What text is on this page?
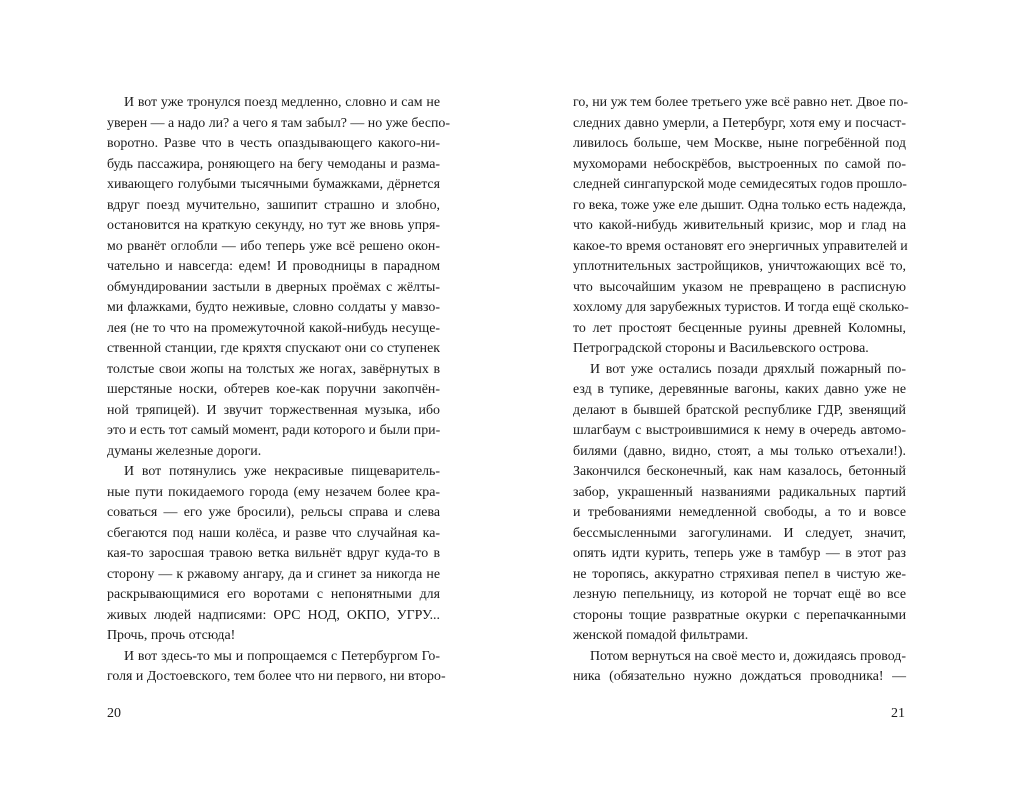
И вот уже тронулся поезд медленно, словно и сам не

уверен — а надо ли? а чего я там забыл? — но уже беспо-

воротно. Разве что в честь опаздывающего какого-ни-

будь пассажира, роняющего на бегу чемоданы и разма-

хивающего голубыми тысячными бумажками, дёрнется

вдруг поезд мучительно, зашипит страшно и злобно,

остановится на краткую секунду, но тут же вновь упря-

мо рванёт оглобли — ибо теперь уже всё решено окон-

чательно и навсегда: едем! И проводницы в парадном

обмундировании застыли в дверных проёмах с жёлты-

ми флажками, будто неживые, словно солдаты у мавзо-

лея (не то что на промежуточной какой-нибудь несуще-

ственной станции, где кряхтя спускают они со ступенек

толстые свои жопы на толстых же ногах, завёрнутых в

шерстяные носки, обтерев кое-как поручни закопчён-

ной тряпицей). И звучит торжественная музыка, ибо

это и есть тот самый момент, ради которого и были при-

думаны железные дороги.

И вот потянулись уже некрасивые пищеваритель-

ные пути покидаемого города (ему незачем более кра-

соваться — его уже бросили), рельсы справа и слева

сбегаются под наши колёса, и разве что случайная ка-

кая-то заросшая травою ветка вильнёт вдруг куда-то в

сторону — к ржавому ангару, да и сгинет за никогда не

раскрывающимися его воротами с непонятными для

живых людей надписями: ОРС НОД, ОКПО, УГРУ...

Прочь, прочь отсюда!

И вот здесь-то мы и попрощаемся с Петербургом Го-

голя и Достоевского, тем более что ни первого, ни второ-

го, ни уж тем более третьего уже всё равно нет. Двое по-

следних давно умерли, а Петербург, хотя ему и посчаст-

ливилось больше, чем Москве, ныне погребённой под

мухоморами небоскрёбов, выстроенных по самой по-

следней сингапурской моде семидесятых годов прошло-

го века, тоже уже еле дышит. Одна только есть надежда,

что какой-нибудь живительный кризис, мор и глад на

какое-то время остановят его энергичных управителей и

уплотнительных застройщиков, уничтожающих всё то,

что высочайшим указом не превращено в расписную

хохлому для зарубежных туристов. И тогда ещё сколько-

то лет простоят бесценные руины древней Коломны,

Петроградской стороны и Васильевского острова.

И вот уже остались позади дряхлый пожарный по-

езд в тупике, деревянные вагоны, каких давно уже не

делают в бывшей братской республике ГДР, звенящий

шлагбаум с выстроившимися к нему в очередь автомо-

билями (давно, видно, стоят, а мы только отъехали!).

Закончился бесконечный, как нам казалось, бетонный

забор, украшенный названиями радикальных партий

и требованиями немедленной свободы, а то и вовсе

бессмысленными загогулинами. И следует, значит,

опять идти курить, теперь уже в тамбур — в этот раз

не торопясь, аккуратно стряхивая пепел в чистую же-

лезную пепельницу, из которой не торчат ещё во все

стороны тощие развратные окурки с перепачканными

женской помадой фильтрами.

Потом вернуться на своё место и, дожидаясь провод-

ника (обязательно нужно дождаться проводника! —

20	21
